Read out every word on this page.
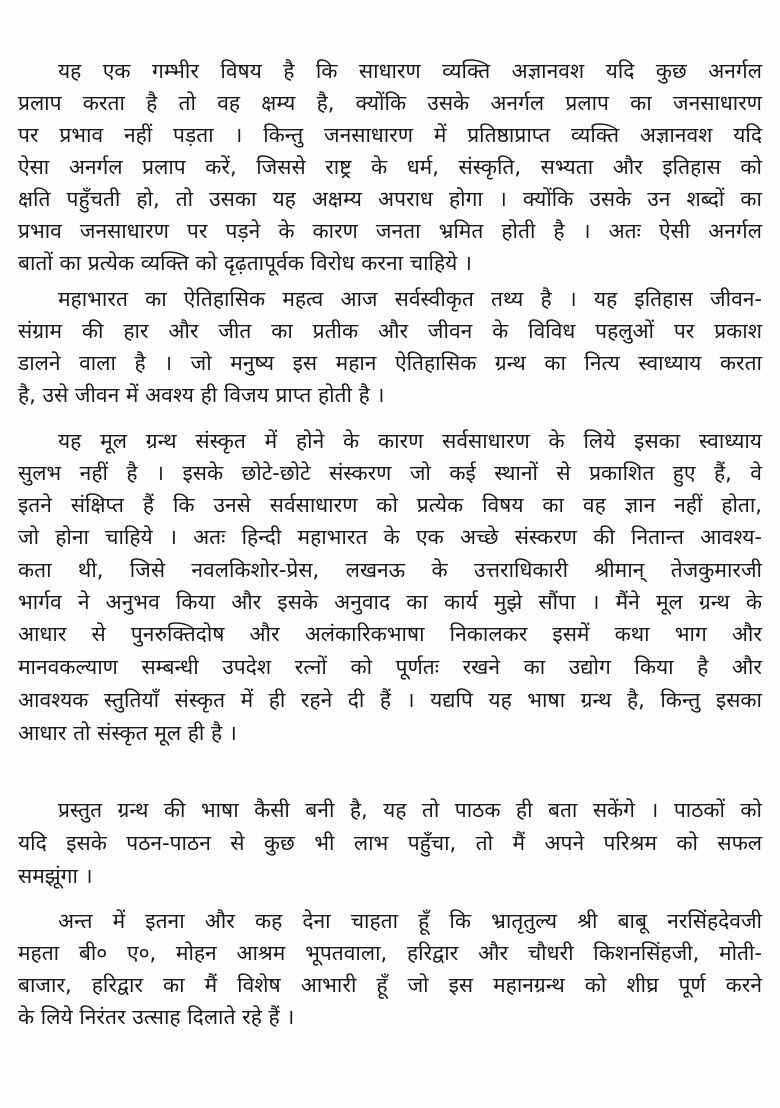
यह एक गम्भीर विषय है कि साधारण व्यक्ति अज्ञानवश यदि कुछ अनर्गल
प्रलाप करता है तो वह क्षम्य है, क्योंकि उसके अनर्गल प्रलाप का जनसाधारण
पर प्रभाव नहीं पड़ता । किन्तु जनसाधारण में प्रतिष्ठाप्राप्त व्यक्ति अज्ञानवश यदि
ऐसा अनर्गल प्रलाप करें, जिससे राष्ट्र के धर्म, संस्कृति, सभ्यता और इतिहास को
क्षति पहुँचती हो, तो उसका यह अक्षम्य अपराध होगा । क्योंकि उसके उन शब्दों का
प्रभाव जनसाधारण पर पड़ने के कारण जनता भ्रमित होती है । अतः ऐसी अनर्गल
बातों का प्रत्येक व्यक्ति को दृढ़तापूर्वक विरोध करना चाहिये ।
महाभारत का ऐतिहासिक महत्व आज सर्वस्वीकृत तथ्य है । यह इतिहास जीवन-
संग्राम की हार और जीत का प्रतीक और जीवन के विविध पहलुओं पर प्रकाश
डालने वाला है । जो मनुष्य इस महान ऐतिहासिक ग्रन्थ का नित्य स्वाध्याय करता
है, उसे जीवन में अवश्य ही विजय प्राप्त होती है ।
यह मूल ग्रन्थ संस्कृत में होने के कारण सर्वसाधारण के लिये इसका स्वाध्याय
सुलभ नहीं है । इसके छोटे-छोटे संस्करण जो कई स्थानों से प्रकाशित हुए हैं, वे
इतने संक्षिप्त हैं कि उनसे सर्वसाधारण को प्रत्येक विषय का वह ज्ञान नहीं होता,
जो होना चाहिये । अतः हिन्दी महाभारत के एक अच्छे संस्करण की नितान्त आवश्य-
कता थी, जिसे नवलकिशोर-प्रेस, लखनऊ के उत्तराधिकारी श्रीमान् तेजकुमारजी
भार्गव ने अनुभव किया और इसके अनुवाद का कार्य मुझे सौंपा । मैंने मूल ग्रन्थ के
आधार से पुनरुक्तिदोष और अलंकारिकभाषा निकालकर इसमें कथा भाग और
मानवकल्याण सम्बन्धी उपदेश रत्नों को पूर्णतः रखने का उद्योग किया है और
आवश्यक स्तुतियाँ संस्कृत में ही रहने दी हैं । यद्यपि यह भाषा ग्रन्थ है, किन्तु इसका
आधार तो संस्कृत मूल ही है ।
प्रस्तुत ग्रन्थ की भाषा कैसी बनी है, यह तो पाठक ही बता सकेंगे । पाठकों को
यदि इसके पठन-पाठन से कुछ भी लाभ पहुँचा, तो मैं अपने परिश्रम को सफल
समझूंगा ।
अन्त में इतना और कह देना चाहता हूँ कि भ्रातृतुल्य श्री बाबू नरसिंहदेवजी
महता बी० ए०, मोहन आश्रम भूपतवाला, हरिद्वार और चौधरी किशनसिंहजी, मोती-
बाजार, हरिद्वार का मैं विशेष आभारी हूँ जो इस महानग्रन्थ को शीघ्र पूर्ण करने
के लिये निरंतर उत्साह दिलाते रहे हैं ।
